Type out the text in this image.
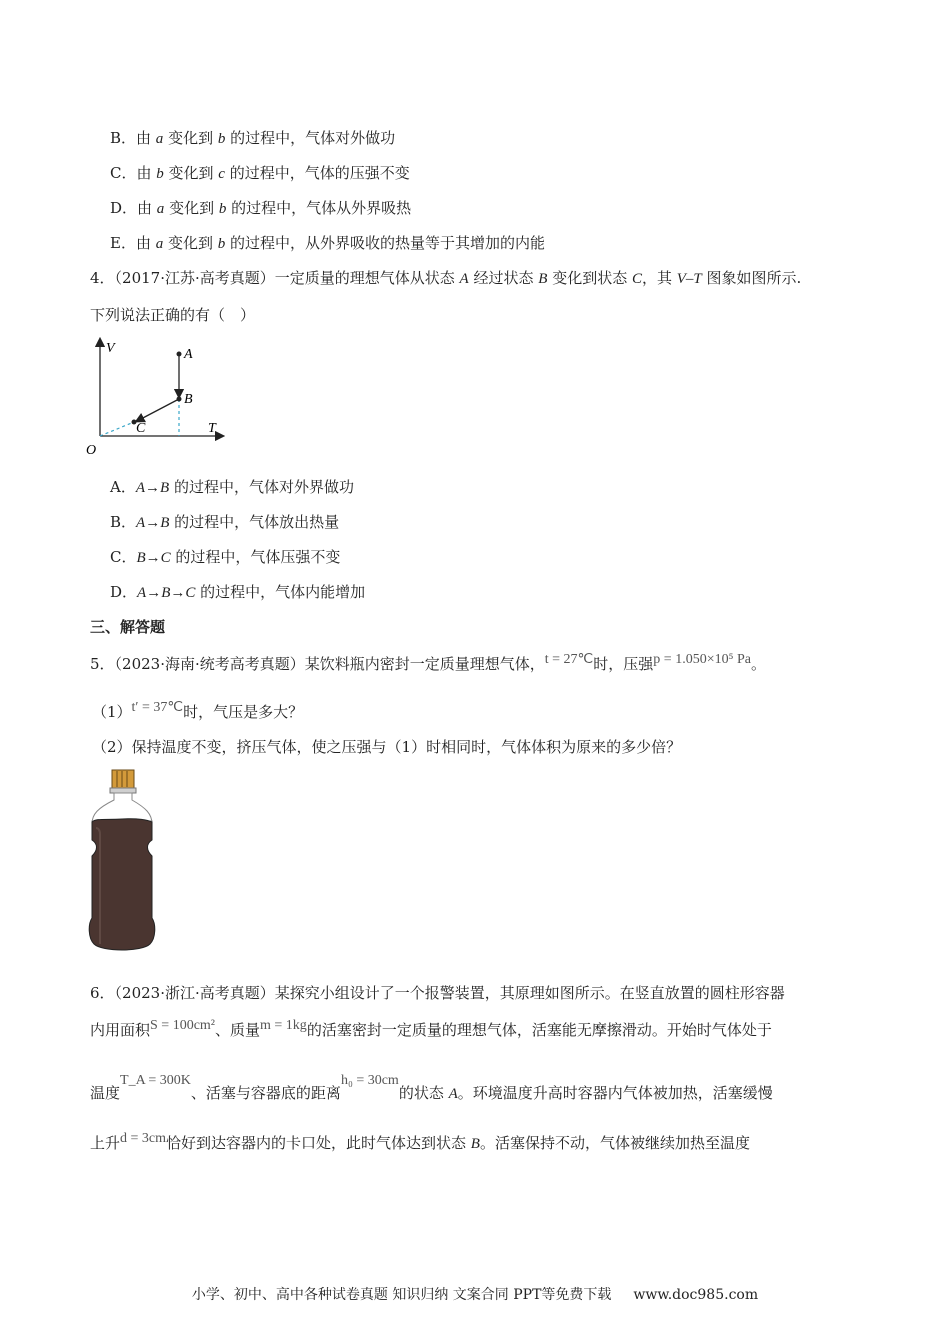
B．由 a 变化到 b 的过程中，气体对外做功
C．由 b 变化到 c 的过程中，气体的压强不变
D．由 a 变化到 b 的过程中，气体从外界吸热
E．由 a 变化到 b 的过程中，从外界吸收的热量等于其增加的内能
4．（2017·江苏·高考真题）一定质量的理想气体从状态 A 经过状态 B 变化到状态 C，其 V–T 图象如图所示.
下列说法正确的有（　）
V
T
O
A
B
C
A．A→B 的过程中，气体对外界做功
B．A→B 的过程中，气体放出热量
C．B→C 的过程中，气体压强不变
D．A→B→C 的过程中，气体内能增加
三、解答题
5．（2023·海南·统考高考真题）某饮料瓶内密封一定质量理想气体，t = 27℃时，压强p = 1.050×10⁵ Pa。
（1）t′ = 37℃时，气压是多大？
（2）保持温度不变，挤压气体，使之压强与（1）时相同时，气体体积为原来的多少倍？
6．（2023·浙江·高考真题）某探究小组设计了一个报警装置，其原理如图所示。在竖直放置的圆柱形容器
内用面积S = 100cm²、质量m = 1kg的活塞密封一定质量的理想气体，活塞能无摩擦滑动。开始时气体处于
温度T_A = 300K、活塞与容器底的距离h₀ = 30cm的状态 A。环境温度升高时容器内气体被加热，活塞缓慢
上升d = 3cm恰好到达容器内的卡口处，此时气体达到状态 B。活塞保持不动，气体被继续加热至温度
小学、初中、高中各种试卷真题 知识归纳 文案合同 PPT等免费下载 www.doc985.com
